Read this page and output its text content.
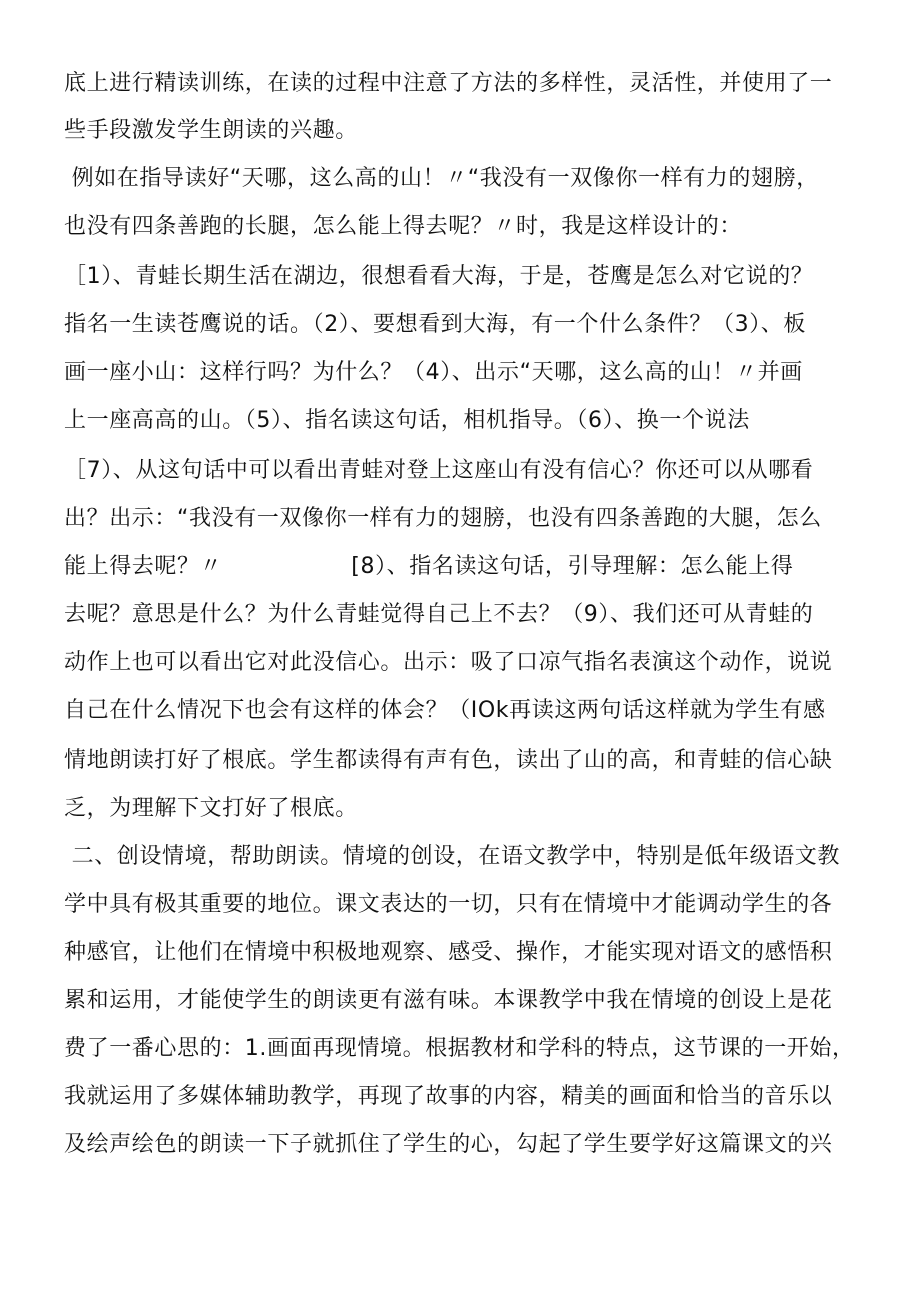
底上进行精读训练，在读的过程中注意了方法的多样性，灵活性，并使用了一
些手段激发学生朗读的兴趣。
例如在指导读好“天哪，这么高的山！〃“我没有一双像你一样有力的翅膀，
也没有四条善跑的长腿，怎么能上得去呢？〃时，我是这样设计的：
［1）、青蛙长期生活在湖边，很想看看大海，于是，苍鹰是怎么对它说的？
指名一生读苍鹰说的话。（2）、要想看到大海，有一个什么条件？（3）、板
画一座小山：这样行吗？为什么？（4）、出示“天哪，这么高的山！〃并画
上一座高高的山。（5）、指名读这句话，相机指导。（6）、换一个说法
［7）、从这句话中可以看出青蛙对登上这座山有没有信心？你还可以从哪看
出？出示：“我没有一双像你一样有力的翅膀，也没有四条善跑的大腿，怎么
能上得去呢？〃                 [8）、指名读这句话，引导理解：怎么能上得
去呢？意思是什么？为什么青蛙觉得自己上不去？（9）、我们还可从青蛙的
动作上也可以看出它对此没信心。出示：吸了口凉气指名表演这个动作，说说
自己在什么情况下也会有这样的体会？（IOk再读这两句话这样就为学生有感
情地朗读打好了根底。学生都读得有声有色，读出了山的高，和青蛙的信心缺
乏，为理解下文打好了根底。
二、创设情境，帮助朗读。情境的创设，在语文教学中，特别是低年级语文教
学中具有极其重要的地位。课文表达的一切，只有在情境中才能调动学生的各
种感官，让他们在情境中积极地观察、感受、操作，才能实现对语文的感悟积
累和运用，才能使学生的朗读更有滋有味。本课教学中我在情境的创设上是花
费了一番心思的：1.画面再现情境。根据教材和学科的特点，这节课的一开始，
我就运用了多媒体辅助教学，再现了故事的内容，精美的画面和恰当的音乐以
及绘声绘色的朗读一下子就抓住了学生的心，勾起了学生要学好这篇课文的兴
